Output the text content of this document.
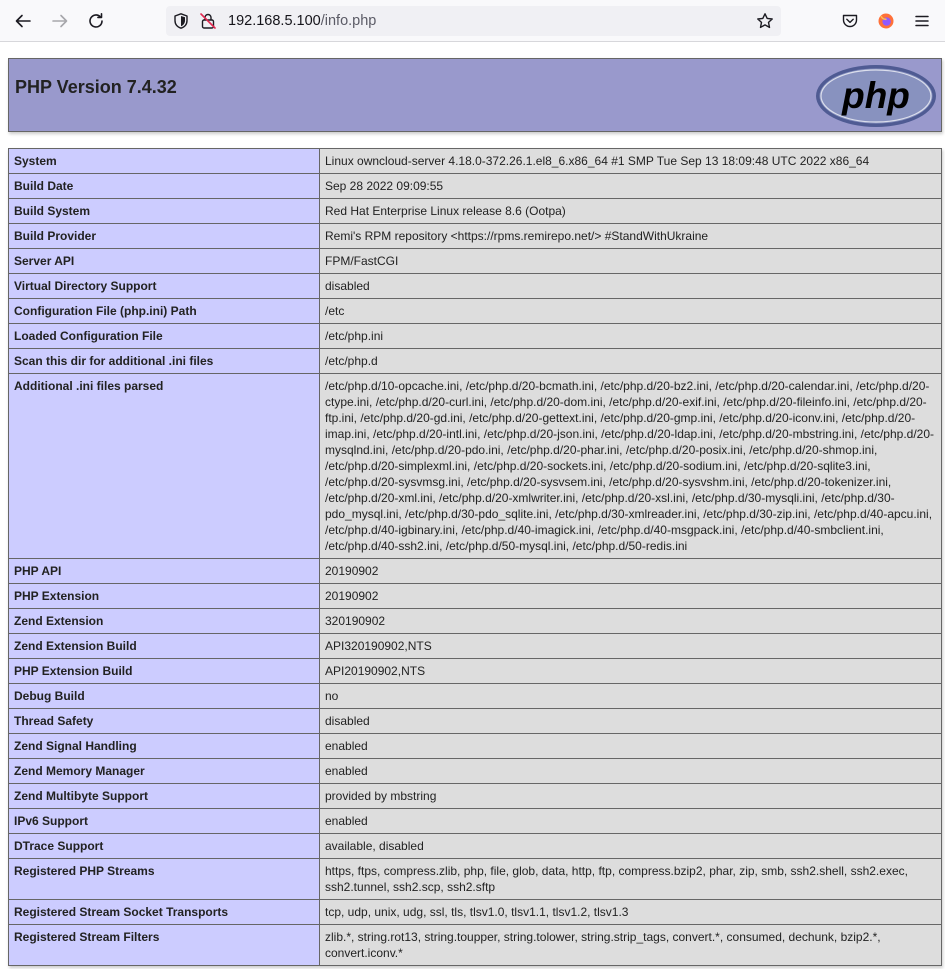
192.168.5.100/info.php
PHP Version 7.4.32	php
System	Linux owncloud-server 4.18.0-372.26.1.el8_6.x86_64 #1 SMP Tue Sep 13 18:09:48 UTC 2022 x86_64
Build Date	Sep 28 2022 09:09:55
Build System	Red Hat Enterprise Linux release 8.6 (Ootpa)
Build Provider	Remi's RPM repository <https://rpms.remirepo.net/> #StandWithUkraine
Server API	FPM/FastCGI
Virtual Directory Support	disabled
Configuration File (php.ini) Path	/etc
Loaded Configuration File	/etc/php.ini
Scan this dir for additional .ini files	/etc/php.d
Additional .ini files parsed	/etc/php.d/10-opcache.ini, /etc/php.d/20-bcmath.ini, /etc/php.d/20-bz2.ini, /etc/php.d/20-calendar.ini, /etc/php.d/20-ctype.ini, /etc/php.d/20-curl.ini, /etc/php.d/20-dom.ini, /etc/php.d/20-exif.ini, /etc/php.d/20-fileinfo.ini, /etc/php.d/20-ftp.ini, /etc/php.d/20-gd.ini, /etc/php.d/20-gettext.ini, /etc/php.d/20-gmp.ini, /etc/php.d/20-iconv.ini, /etc/php.d/20-imap.ini, /etc/php.d/20-intl.ini, /etc/php.d/20-json.ini, /etc/php.d/20-ldap.ini, /etc/php.d/20-mbstring.ini, /etc/php.d/20-mysqlnd.ini, /etc/php.d/20-pdo.ini, /etc/php.d/20-phar.ini, /etc/php.d/20-posix.ini, /etc/php.d/20-shmop.ini, /etc/php.d/20-simplexml.ini, /etc/php.d/20-sockets.ini, /etc/php.d/20-sodium.ini, /etc/php.d/20-sqlite3.ini, /etc/php.d/20-sysvmsg.ini, /etc/php.d/20-sysvsem.ini, /etc/php.d/20-sysvshm.ini, /etc/php.d/20-tokenizer.ini, /etc/php.d/20-xml.ini, /etc/php.d/20-xmlwriter.ini, /etc/php.d/20-xsl.ini, /etc/php.d/30-mysqli.ini, /etc/php.d/30-pdo_mysql.ini, /etc/php.d/30-pdo_sqlite.ini, /etc/php.d/30-xmlreader.ini, /etc/php.d/30-zip.ini, /etc/php.d/40-apcu.ini, /etc/php.d/40-igbinary.ini, /etc/php.d/40-imagick.ini, /etc/php.d/40-msgpack.ini, /etc/php.d/40-smbclient.ini, /etc/php.d/40-ssh2.ini, /etc/php.d/50-mysql.ini, /etc/php.d/50-redis.ini
PHP API	20190902
PHP Extension	20190902
Zend Extension	320190902
Zend Extension Build	API320190902,NTS
PHP Extension Build	API20190902,NTS
Debug Build	no
Thread Safety	disabled
Zend Signal Handling	enabled
Zend Memory Manager	enabled
Zend Multibyte Support	provided by mbstring
IPv6 Support	enabled
DTrace Support	available, disabled
Registered PHP Streams	https, ftps, compress.zlib, php, file, glob, data, http, ftp, compress.bzip2, phar, zip, smb, ssh2.shell, ssh2.exec, ssh2.tunnel, ssh2.scp, ssh2.sftp
Registered Stream Socket Transports	tcp, udp, unix, udg, ssl, tls, tlsv1.0, tlsv1.1, tlsv1.2, tlsv1.3
Registered Stream Filters	zlib.*, string.rot13, string.toupper, string.tolower, string.strip_tags, convert.*, consumed, dechunk, bzip2.*, convert.iconv.*
